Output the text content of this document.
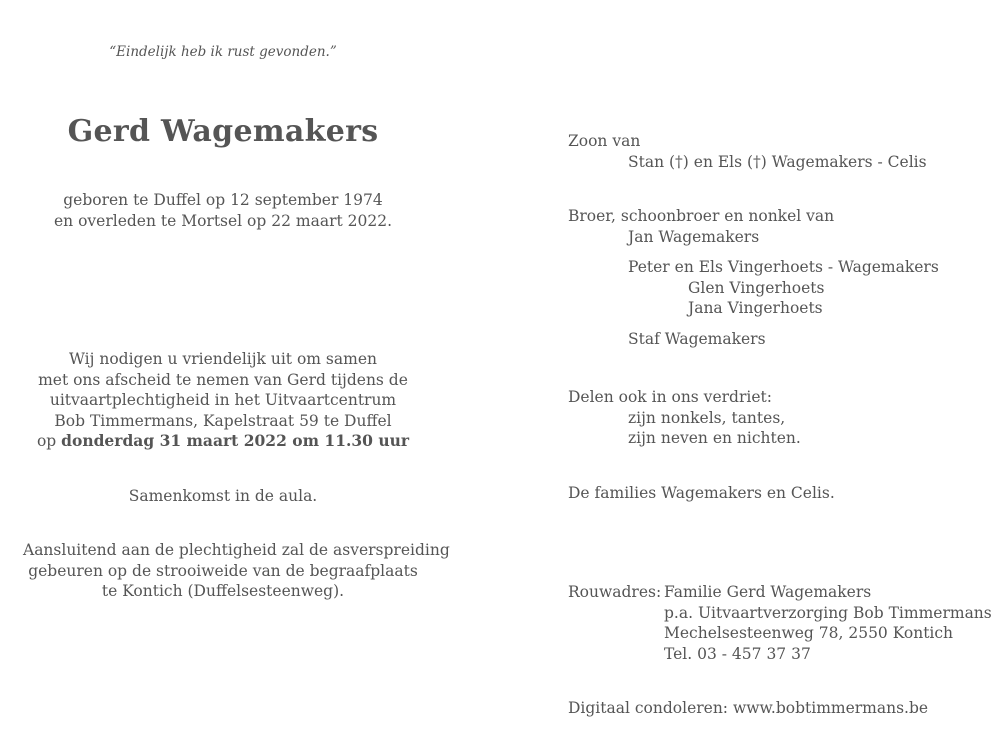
“Eindelijk heb ik rust gevonden.”
Gerd Wagemakers
geboren te Duffel op 12 september 1974
en overleden te Mortsel op 22 maart 2022.
Wij nodigen u vriendelijk uit om samen
met ons afscheid te nemen van Gerd tijdens de
uitvaartplechtigheid in het Uitvaartcentrum
Bob Timmermans, Kapelstraat 59 te Duffel
op donderdag 31 maart 2022 om 11.30 uur
Samenkomst in de aula.
Aansluitend aan de plechtigheid zal de asverspreiding
gebeuren op de strooiweide van de begraafplaats
te Kontich (Duffelsesteenweg).
Zoon van
Stan (†) en Els (†) Wagemakers - Celis
Broer, schoonbroer en nonkel van
Jan Wagemakers
Peter en Els Vingerhoets - Wagemakers
Glen Vingerhoets
Jana Vingerhoets
Staf Wagemakers
Delen ook in ons verdriet:
zijn nonkels, tantes,
zijn neven en nichten.
De families Wagemakers en Celis.
Rouwadres: Familie Gerd Wagemakers
p.a. Uitvaartverzorging Bob Timmermans
Mechelsesteenweg 78, 2550 Kontich
Tel. 03 - 457 37 37
Digitaal condoleren: www.bobtimmermans.be
